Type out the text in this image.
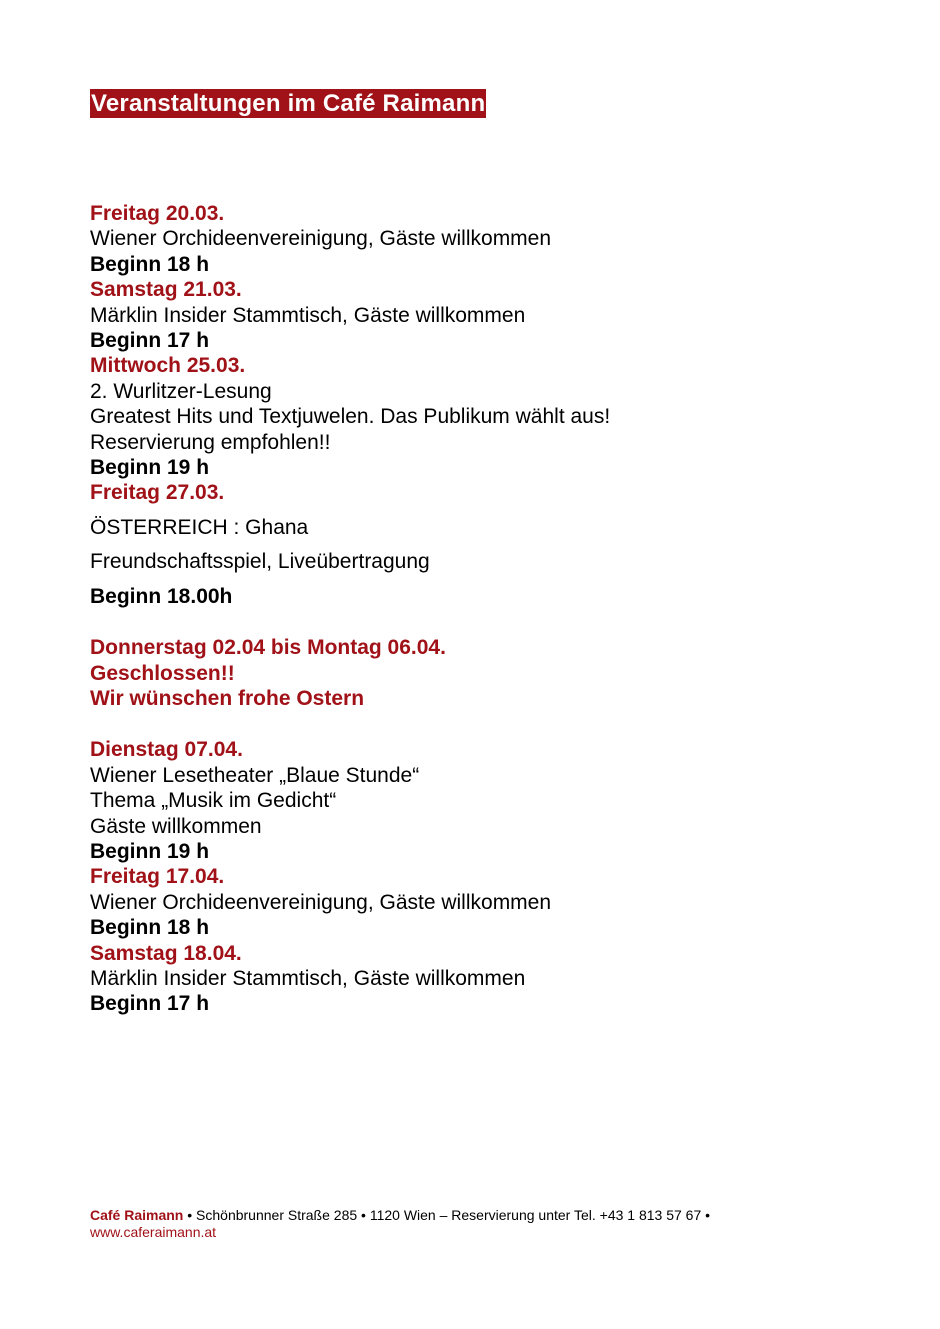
Veranstaltungen im Café Raimann
Freitag 20.03.
Wiener Orchideenvereinigung, Gäste willkommen
Beginn 18 h
Samstag 21.03.
Märklin Insider Stammtisch, Gäste willkommen
Beginn 17 h
Mittwoch 25.03.
2. Wurlitzer-Lesung
Greatest Hits und Textjuwelen. Das Publikum wählt aus!
Reservierung empfohlen!!
Beginn 19 h
Freitag 27.03.
ÖSTERREICH : Ghana
Freundschaftsspiel, Liveübertragung
Beginn 18.00h
Donnerstag 02.04 bis Montag 06.04.
Geschlossen!!
Wir wünschen frohe Ostern
Dienstag 07.04.
Wiener Lesetheater „Blaue Stunde“
Thema „Musik im Gedicht“
Gäste willkommen
Beginn 19 h
Freitag 17.04.
Wiener Orchideenvereinigung, Gäste willkommen
Beginn 18 h
Samstag 18.04.
Märklin Insider Stammtisch, Gäste willkommen
Beginn 17 h
Café Raimann • Schönbrunner Straße 285 • 1120 Wien – Reservierung unter Tel. +43 1 813 57 67 •
www.caferaimann.at
